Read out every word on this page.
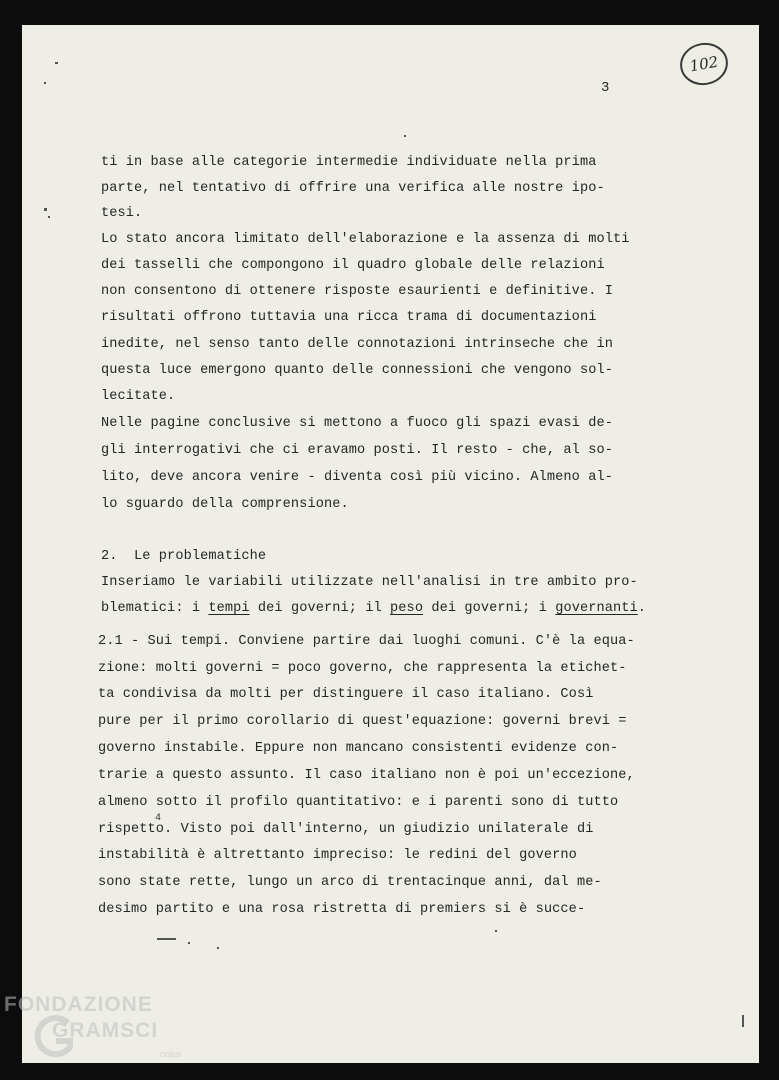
3
102
ti in base alle categorie intermedie individuate nella prima
parte, nel tentativo di offrire una verifica alle nostre ipo-
tesi.
Lo stato ancora limitato dell'elaborazione e la assenza di molti
dei tasselli che compongono il quadro globale delle relazioni
non consentono di ottenere risposte esaurienti e definitive. I
risultati offrono tuttavia una ricca trama di documentazioni
inedite, nel senso tanto delle connotazioni intrinseche che in
questa luce emergono quanto delle connessioni che vengono sol-
lecitate.
Nelle pagine conclusive si mettono a fuoco gli spazi evasi de-
gli interrogativi che ci eravamo posti. Il resto - che, al so-
lito, deve ancora venire - diventa così più vicino. Almeno al-
lo sguardo della comprensione.
2.  Le problematiche
Inseriamo le variabili utilizzate nell'analisi in tre ambito pro-
blematici: i tempi dei governi; il peso dei governi; i governanti.
2.1 - Sui tempi. Conviene partire dai luoghi comuni. C'è la equa-
zione: molti governi = poco governo, che rappresenta la etichet-
ta condivisa da molti per distinguere il caso italiano. Così
pure per il primo corollario di quest'equazione: governi brevi =
governo instabile. Eppure non mancano consistenti evidenze con-
trarie a questo assunto. Il caso italiano non è poi un'eccezione,
almeno sotto il profilo quantitativo: e i parenti sono di tutto
rispetto. Visto poi dall'interno, un giudizio unilaterale di
4
instabilità è altrettanto impreciso: le redini del governo
sono state rette, lungo un arco di trentacinque anni, dal me-
desimo partito e una rosa ristretta di premiers si è succe-
FONDAZIONE
GRAMSCI
onlus
